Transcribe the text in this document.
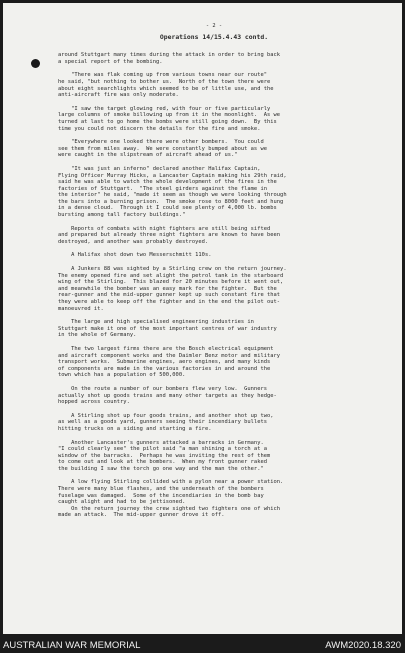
- 2 -
Operations 14/15.4.43 contd.

around Stuttgart many times during the attack in order to bring back
a special report of the bombing.

"There was flak coming up from various towns near our route"
he said, "but nothing to bother us.  North of the town there were
about eight searchlights which seemed to be of little use, and the
anti-aircraft fire was only moderate.

"I saw the target glowing red, with four or five particularly
large columns of smoke billowing up from it in the moonlight.  As we
turned at last to go home the bombs were still going down.  By this
time you could not discern the details for the fire and smoke.

"Everywhere one looked there were other bombers.  You could
see them from miles away.  We were constantly bumped about as we
were caught in the slipstream of aircraft ahead of us."

"It was just an inferno" declared another Halifax Captain,
Flying Officer Murray Hicks, a Lancaster Captain making his 29th raid,
said he was able to watch the whole development of the fires in the
factories of Stuttgart.  "The steel girders against the flame in
the interior" he said, "made it seem as though we were looking through
the bars into a burning prison.  The smoke rose to 8000 feet and hung
in a dense cloud.  Through it I could see plenty of 4,000 lb. bombs
bursting among tall factory buildings."

Reports of combats with night fighters are still being sifted
and prepared but already three night fighters are known to have been
destroyed, and another was probably destroyed.

A Halifax shot down two Messerschmitt 110s.

A Junkers 88 was sighted by a Stirling crew on the return journey.
The enemy opened fire and set alight the petrol tank in the starboard
wing of the Stirling.  This blazed for 20 minutes before it went out,
and meanwhile the bomber was an easy mark for the fighter.  But the
rear-gunner and the mid-upper gunner kept up such constant fire that
they were able to keep off the fighter and in the end the pilot out-
manoeuvred it.

The large and high specialised engineering industries in
Stuttgart make it one of the most important centres of war industry
in the whole of Germany.

The two largest firms there are the Bosch electrical equipment
and aircraft component works and the Daimler Benz motor and military
transport works.  Submarine engines, aero engines, and many kinds
of components are made in the various factories in and around the
town which has a population of 500,000.

On the route a number of our bombers flew very low.  Gunners
actually shot up goods trains and many other targets as they hedge-
hopped across country.

A Stirling shot up four goods trains, and another shot up two,
as well as a goods yard, gunners seeing their incendiary bullets
hitting trucks on a siding and starting a fire.

Another Lancaster's gunners attacked a barracks in Germany.
"I could clearly see" the pilot said "a man shining a torch at a
window of the barracks.  Perhaps he was inviting the rest of them
to come out and look at the bombers.  When my front gunner raked
the building I saw the torch go one way and the man the other."

A low flying Stirling collided with a pylon near a power station.
There were many blue flashes, and the underneath of the bombers
fuselage was damaged.  Some of the incendiaries in the bomb bay
caught alight and had to be jettisoned.
On the return journey the crew sighted two fighters one of which
made an attack.  The mid-upper gunner drove it off.

AUSTRALIAN WAR MEMORIAL	AWM2020.18.320
